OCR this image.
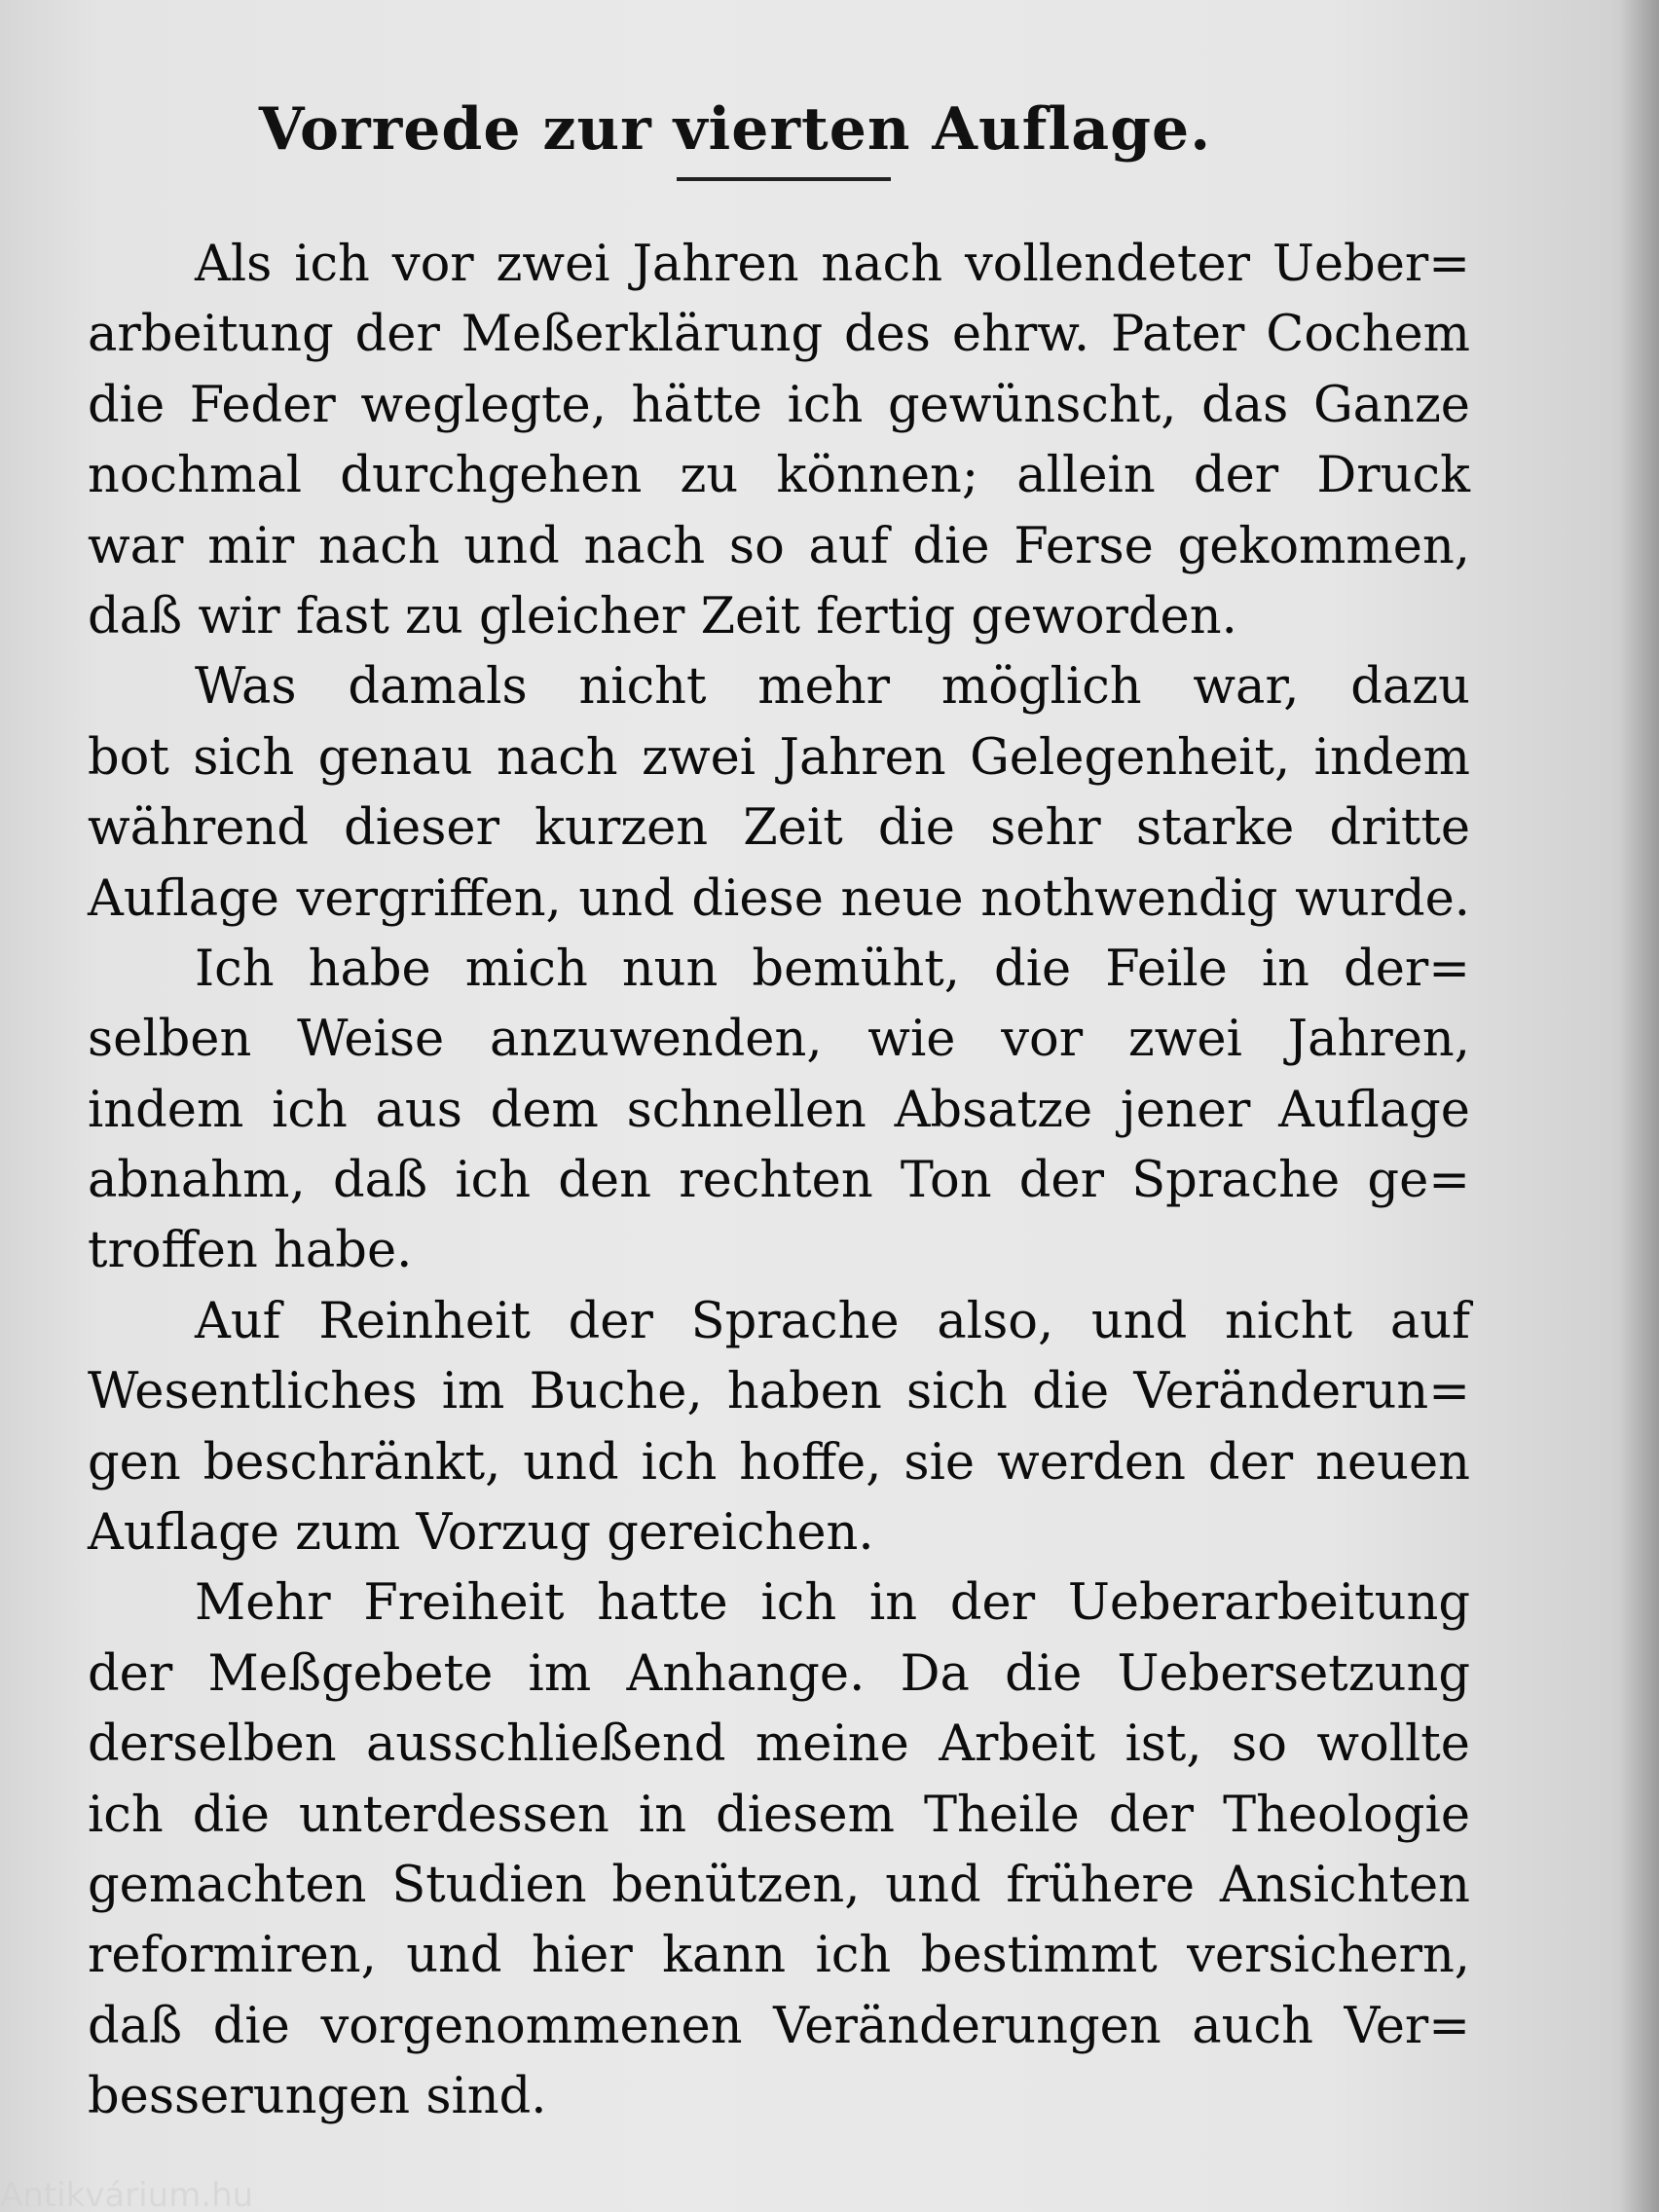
Vorrede zur vierten Auflage.
Als ich vor zwei Jahren nach vollendeter Ueber=
arbeitung der Meßerklärung des ehrw. Pater Cochem
die Feder weglegte, hätte ich gewünscht, das Ganze
nochmal durchgehen zu können; allein der Druck
war mir nach und nach so auf die Ferse gekommen,
daß wir fast zu gleicher Zeit fertig geworden.
Was damals nicht mehr möglich war, dazu
bot sich genau nach zwei Jahren Gelegenheit, indem
während dieser kurzen Zeit die sehr starke dritte
Auflage vergriffen, und diese neue nothwendig wurde.
Ich habe mich nun bemüht, die Feile in der=
selben Weise anzuwenden, wie vor zwei Jahren,
indem ich aus dem schnellen Absatze jener Auflage
abnahm, daß ich den rechten Ton der Sprache ge=
troffen habe.
Auf Reinheit der Sprache also, und nicht auf
Wesentliches im Buche, haben sich die Veränderun=
gen beschränkt, und ich hoffe, sie werden der neuen
Auflage zum Vorzug gereichen.
Mehr Freiheit hatte ich in der Ueberarbeitung
der Meßgebete im Anhange. Da die Uebersetzung
derselben ausschließend meine Arbeit ist, so wollte
ich die unterdessen in diesem Theile der Theologie
gemachten Studien benützen, und frühere Ansichten
reformiren, und hier kann ich bestimmt versichern,
daß die vorgenommenen Veränderungen auch Ver=
besserungen sind.
Antikvárium.hu
